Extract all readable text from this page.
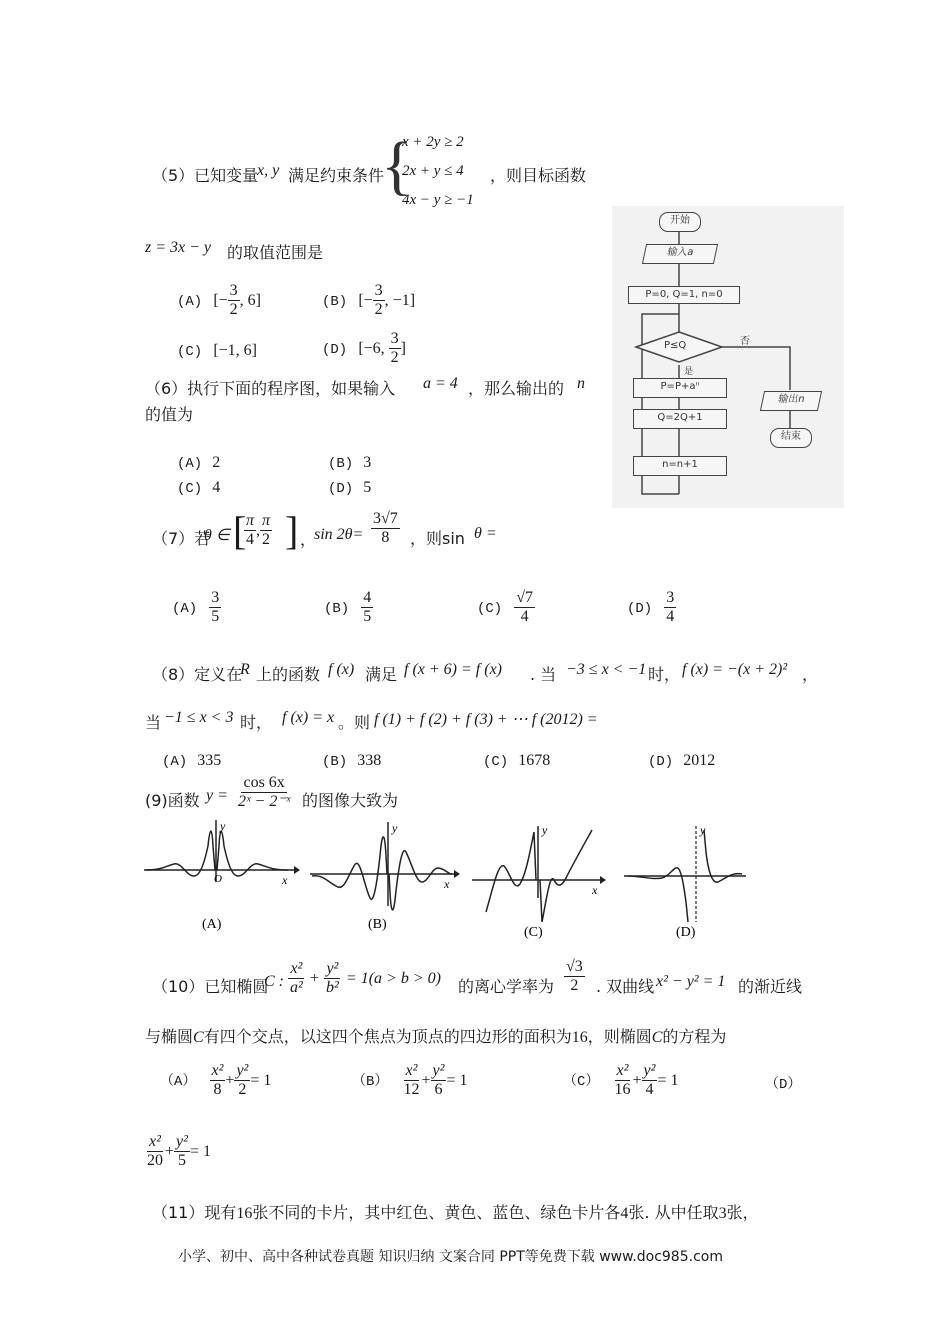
（5）已知变量
x, y 满足约束条件
{
x + 2y ≥ 2
2x + y ≤ 4
4x − y ≥ −1
，则目标函数
z = 3x − y 的取值范围是
(A) [− $\frac{3}{2}$ , 6]	(B) [− $\frac{3}{2}$ , −1]
(C) [−1, 6]	(D) [−6, $\frac{3}{2}$ ]
（6）执行下面的程序图，如果输入 a = 4 ，那么输出的 n
的值为
(A) 2	(B) 3
(C) 4	(D) 5
开始
输入a
P=0, Q=1, n=0
P≤Q	否
是
P=P+aⁿ
Q=2Q+1
n=n+1
输出n
结束
（7）若
θ ∈ [
$\frac{\pi}{4}$ , $\frac{\pi}{2}$ ] ，
$\sin 2\theta= \frac{3√7}{8}$ ，则sin θ =
$(A) \frac{3}{5}$	$(B) \frac{4}{5}$	$(C) \frac{√7}{4}$	$(D) \frac{3}{4}$
（8）定义在
R 上的函数 f (x) 满足 f (x + 6) = f (x) . 当 −3 ≤ x < −1 时， f (x) = −(x + 2)² ，
当 −1 ≤ x < 3 时， f (x) = x 。则 f (1) + f (2) + f (3) + ⋯ f (2012) =
(A) 335	(B) 338	(C) 1678	(D) 2012
(9)函数 $y = \frac{\cos 6x}{\text{2ˣ − 2⁻ˣ}}$ 的图像大致为
y
x
O
(A)
y
x
(B)
y
x
(C)
y
(D)
（10）已知椭圆
C : $\frac{\text{x²}}{\text{a²}} + \frac{\text{y²}}{\text{b²}} = 1(a > b > 0)$ 的离心学率为 $\frac{√3}{2}$ . 双曲线 x² − y² = 1 的渐近线
与椭圆C有四个交点，以这四个焦点为顶点的四边形的面积为16，则椭圆C的方程为
$(A) \frac{\text{x²}}{8} + \frac{\text{y²}}{2} = 1$	$(B) \frac{\text{x²}}{12} + \frac{\text{y²}}{6} = 1$	$(C) \frac{\text{x²}}{16} + \frac{\text{y²}}{4} = 1$	（D）
$\frac{\text{x²}}{20} + \frac{\text{y²}}{5} = 1$
（11）现有16张不同的卡片，其中红色、黄色、蓝色、绿色卡片各4张. 从中任取3张，
小学、初中、高中各种试卷真题 知识归纳 文案合同 PPT等免费下载 www.doc985.com
